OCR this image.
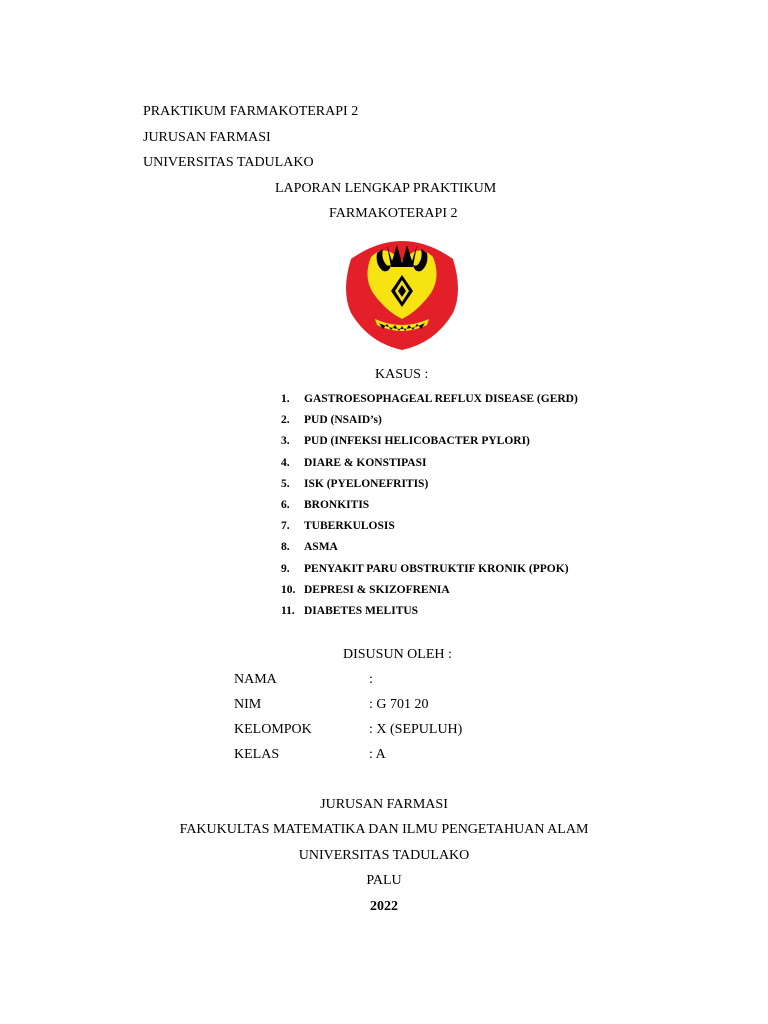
PRAKTIKUM FARMAKOTERAPI 2
JURUSAN FARMASI
UNIVERSITAS TADULAKO
LAPORAN LENGKAP PRAKTIKUM
FARMAKOTERAPI 2
KASUS :
1.	GASTROESOPHAGEAL REFLUX DISEASE (GERD)
2.	PUD (NSAID’s)
3.	PUD (INFEKSI HELICOBACTER PYLORI)
4.	DIARE & KONSTIPASI
5.	ISK (PYELONEFRITIS)
6.	BRONKITIS
7.	TUBERKULOSIS
8.	ASMA
9.	PENYAKIT PARU OBSTRUKTIF KRONIK (PPOK)
10. DEPRESI & SKIZOFRENIA
11. DIABETES MELITUS
DISUSUN OLEH :
NAMA	:
NIM	: G 701 20
KELOMPOK	: X (SEPULUH)
KELAS	: A
JURUSAN FARMASI
FAKUKULTAS MATEMATIKA DAN ILMU PENGETAHUAN ALAM
UNIVERSITAS TADULAKO
PALU
2022
